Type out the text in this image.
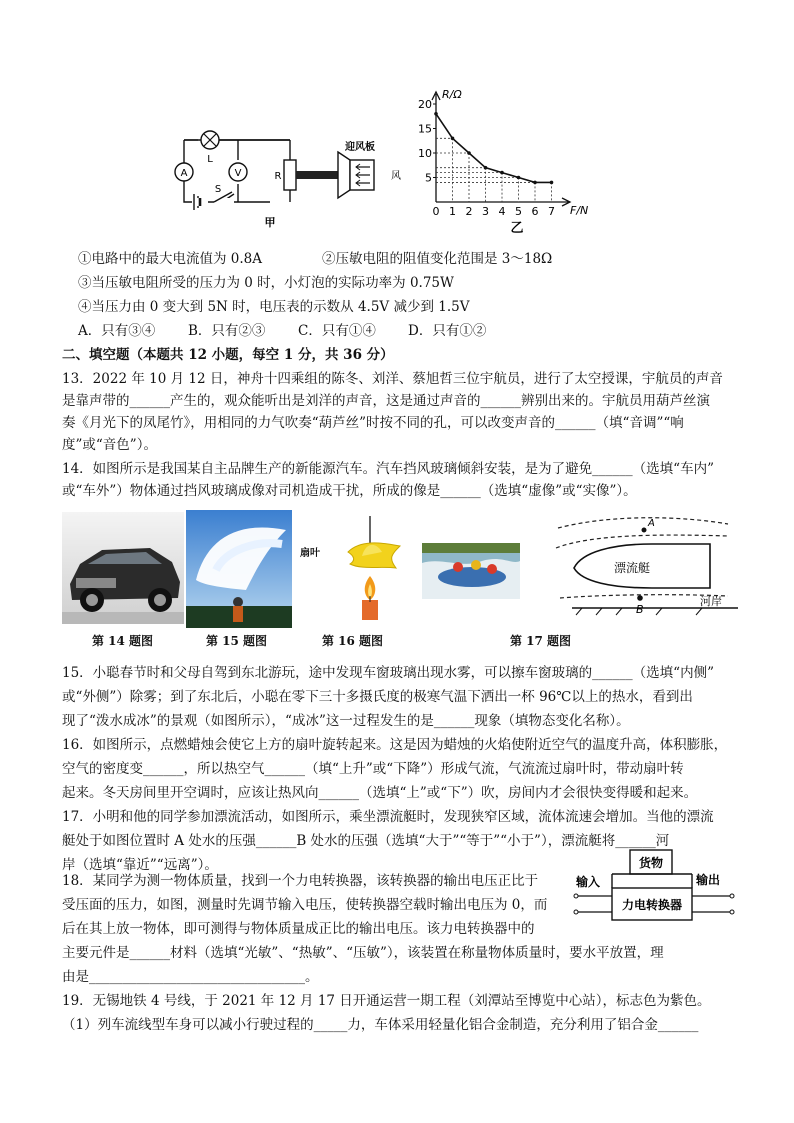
A
L
V
S
R
迎风板
风
甲
20
15
10
5
0 1 2 3 4 5 6 7
R/Ω
F/N
乙
①电路中的最大电流值为 0.8A	②压敏电阻的阻值变化范围是 3～18Ω
③当压敏电阻所受的压力为 0 时，小灯泡的实际功率为 0.75W
④当压力由 0 变大到 5N 时，电压表的示数从 4.5V 减少到 1.5V
A．只有③④ B．只有②③ C．只有①④ D．只有①②
二、填空题（本题共 12 小题，每空 1 分，共 36 分）
13．2022 年 10 月 12 日，神舟十四乘组的陈冬、刘洋、蔡旭哲三位宇航员，进行了太空授课，宇航员的声音
是靠声带的______产生的，观众能听出是刘洋的声音，这是通过声音的______辨别出来的。宇航员用葫芦丝演
奏《月光下的凤尾竹》，用相同的力气吹奏“葫芦丝”时按不同的孔，可以改变声音的______（填“音调”“响
度”或“音色”）。
14．如图所示是我国某自主品牌生产的新能源汽车。汽车挡风玻璃倾斜安装，是为了避免______（选填“车内”
或“车外”）物体通过挡风玻璃成像对司机造成干扰，所成的像是______（选填“虚像”或“实像”）。
第 14 题图	第 15 题图
扇叶
第 16 题图
漂流艇
A
B
河岸
第 17 题图
15．小聪春节时和父母自驾到东北游玩，途中发现车窗玻璃出现水雾，可以擦车窗玻璃的______（选填“内侧”
或“外侧”）除雾；到了东北后，小聪在零下三十多摄氏度的极寒气温下洒出一杯 96℃以上的热水，看到出
现了“泼水成冰”的景观（如图所示），“成冰”这一过程发生的是______现象（填物态变化名称）。
16．如图所示，点燃蜡烛会使它上方的扇叶旋转起来。这是因为蜡烛的火焰使附近空气的温度升高，体积膨胀，
空气的密度变______，所以热空气______（填“上升”或“下降”）形成气流，气流流过扇叶时，带动扇叶转
起来。冬天房间里开空调时，应该让热风向______（选填“上”或“下”）吹，房间内才会很快变得暖和起来。
17．小明和他的同学参加漂流活动，如图所示，乘坐漂流艇时，发现狭窄区域，流体流速会增加。当他的漂流
艇处于如图位置时 A 处水的压强______B 处水的压强（选填“大于”“等于”“小于”），漂流艇将______河
岸（选填“靠近”“远离”）。
18．某同学为测一物体质量，找到一个力电转换器，该转换器的输出电压正比于
受压面的压力，如图，测量时先调节输入电压，使转换器空载时输出电压为 0，而
后在其上放一物体，即可测得与物体质量成正比的输出电压。该力电转换器中的
主要元件是______材料（选填“光敏”、“热敏”、“压敏”），该装置在称量物体质量时，要水平放置，理
由是________________________________。
货物
力电转换器
输入	输出
19．无锡地铁 4 号线，于 2021 年 12 月 17 日开通运营一期工程（刘潭站至博览中心站），标志色为紫色。
（1）列车流线型车身可以减小行驶过程的_____力，车体采用轻量化铝合金制造，充分利用了铝合金______
